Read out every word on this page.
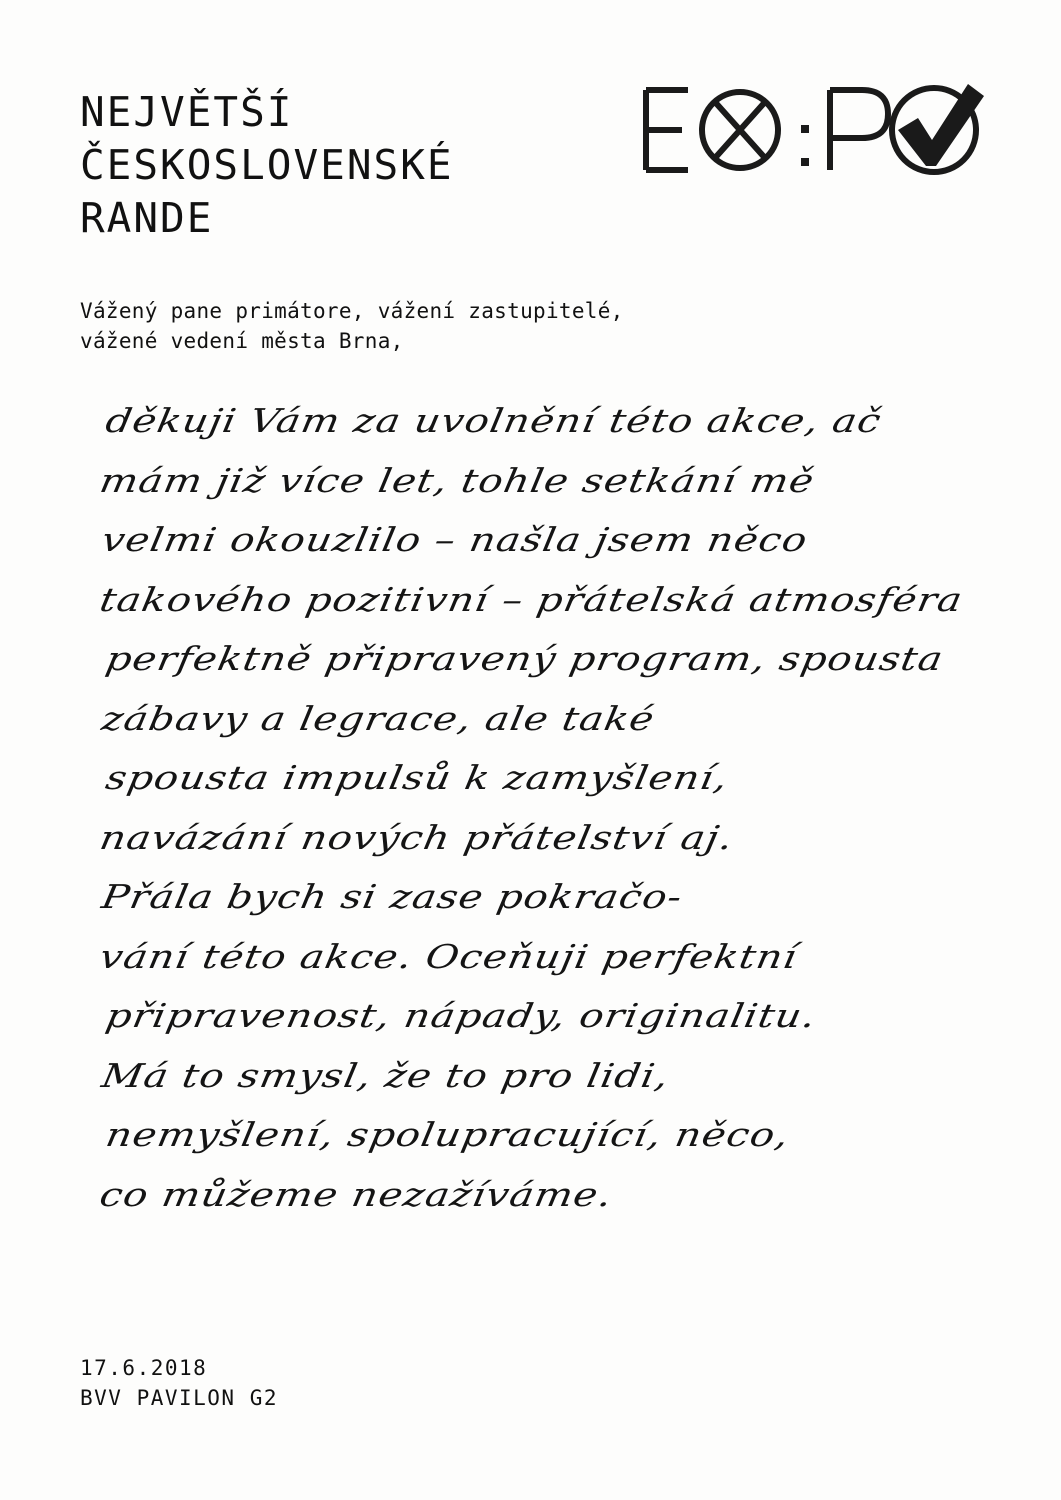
NEJVĚTŠÍ
ČESKOSLOVENSKÉ
RANDE
Vážený pane primátore, vážení zastupitelé,
vážené vedení města Brna,
děkuji Vám za uvolnění této akce, ač
mám již více let, tohle setkání mě
velmi okouzlilo – našla jsem něco
takového pozitivní – přátelská atmosféra
perfektně připravený program, spousta
zábavy a legrace, ale také
spousta impulsů k zamyšlení,
navázání nových přátelství aj.
Přála bych si zase pokračo-
vání této akce. Oceňuji perfektní
připravenost, nápady, originalitu.
Má to smysl, že to pro lidi,
nemyšlení, spolupracující, něco,
co můžeme nezažíváme.
17.6.2018
BVV PAVILON G2
